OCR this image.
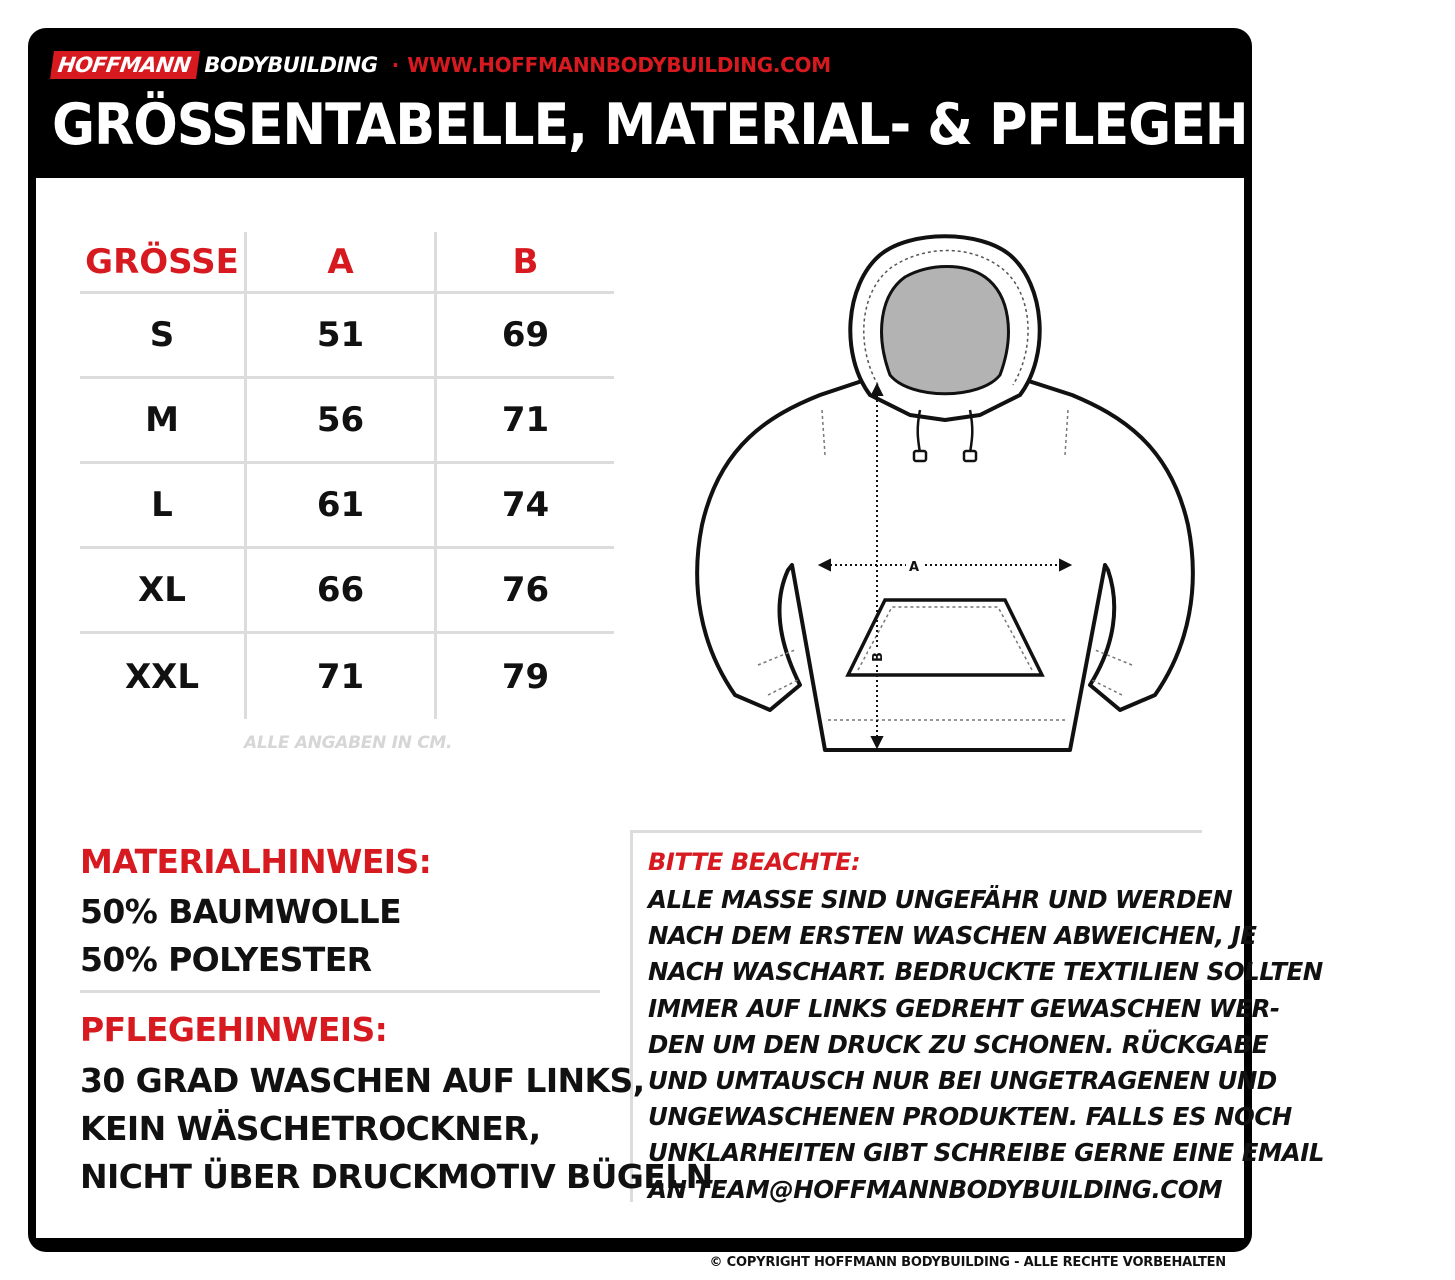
HOFFMANN BODYBUILDING · WWW.HOFFMANNBODYBUILDING.COM
GRÖSSENTABELLE, MATERIAL- & PFLEGEHINWEIS
GRÖSSE	A	B
S	51	69
M	56	71
L	61	74
XL	66	76
XXL	71	79
ALLE ANGABEN IN CM.
A
B
MATERIALHINWEIS:
50% BAUMWOLLE
50% POLYESTER
PFLEGEHINWEIS:
30 GRAD WASCHEN AUF LINKS,
KEIN WÄSCHETROCKNER,
NICHT ÜBER DRUCKMOTIV BÜGELN
BITTE BEACHTE:
ALLE MASSE SIND UNGEFÄHR UND WERDEN
NACH DEM ERSTEN WASCHEN ABWEICHEN, JE
NACH WASCHART. BEDRUCKTE TEXTILIEN SOLLTEN
IMMER AUF LINKS GEDREHT GEWASCHEN WER-
DEN UM DEN DRUCK ZU SCHONEN. RÜCKGABE
UND UMTAUSCH NUR BEI UNGETRAGENEN UND
UNGEWASCHENEN PRODUKTEN. FALLS ES NOCH
UNKLARHEITEN GIBT SCHREIBE GERNE EINE EMAIL
AN TEAM@HOFFMANNBODYBUILDING.COM
© COPYRIGHT HOFFMANN BODYBUILDING - ALLE RECHTE VORBEHALTEN
